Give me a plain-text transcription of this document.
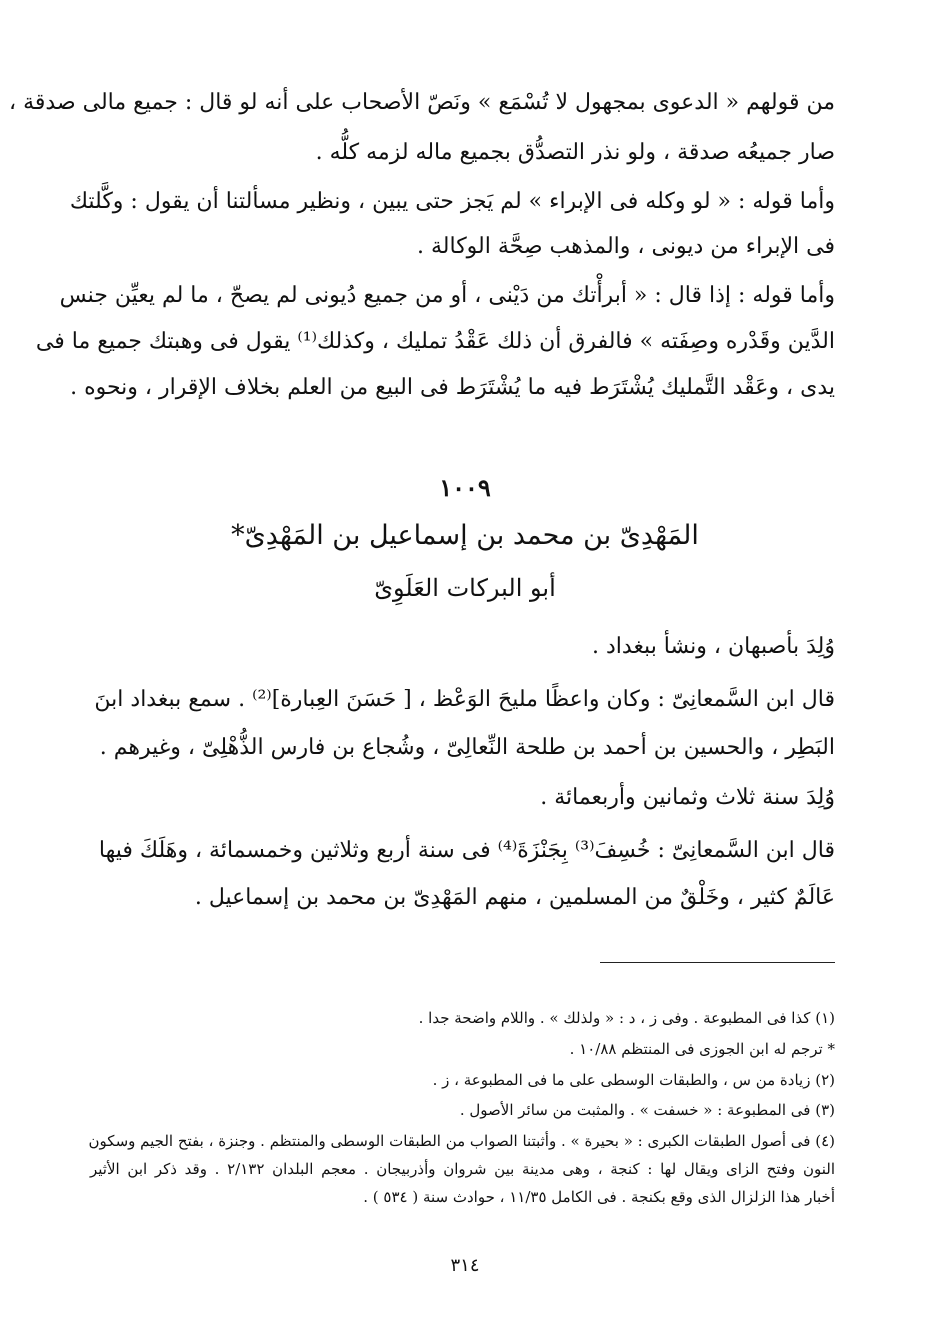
من قولهم « الدعوى بمجهول لا تُسْمَع » ونَصّ الأصحاب على أنه لو قال : جميع مالى صدقة ،
صار جميعُه صدقة ، ولو نذر التصدُّق بجميع ماله لزمه كلُّه .
وأما قوله : « لو وكله فى الإبراء » لم يَجز حتى يبين ، ونظير مسألتنا أن يقول : وكَّلتك
فى الإبراء من ديونى ، والمذهب صِحَّة الوكالة .
وأما قوله : إذا قال : « أبرأْتك من دَيْنى ، أو من جميع دُيونى لم يصحّ ، ما لم يعيِّن جنس
الدَّين وقَدْره وصِفَته » فالفرق أن ذلك عَقْدُ تمليك ، وكذلك⁽¹⁾ يقول فى وهبتك جميع ما فى
يدى ، وعَقْد التَّمليك يُشْتَرَط فيه ما يُشْتَرَط فى البيع من العلم بخلاف الإقرار ، ونحوه .
١٠٠٩
المَهْدِىّ بن محمد بن إسماعيل بن المَهْدِىّ*
أبو البركات العَلَوِىّ
وُلِدَ بأصبهان ، ونشأ ببغداد .
قال ابن السَّمعانِىّ : وكان واعظًا مليحَ الوَعْظ ، [ حَسَنَ العِبارة]⁽²⁾ . سمع ببغداد ابنَ
البَطِر ، والحسين بن أحمد بن طلحة النِّعالِىّ ، وشُجاع بن فارس الذُّهْلِىّ ، وغيرهم .
وُلِدَ سنة ثلاث وثمانين وأربعمائة .
قال ابن السَّمعانِىّ : خُسِفَ⁽³⁾ بِجَنْزَةَ⁽⁴⁾ فى سنة أربع وثلاثين وخمسمائة ، وهَلَكَ فيها
عَالَمٌ كثير ، وخَلْقٌ من المسلمين ، منهم المَهْدِىّ بن محمد بن إسماعيل .
(١) كذا فى المطبوعة . وفى ز ، د : « ولذلك » . واللام واضحة جدا .
* ترجم له ابن الجوزى فى المنتظم ١٠/٨٨ .
(٢) زيادة من س ، والطبقات الوسطى على ما فى المطبوعة ، ز .
(٣) فى المطبوعة : « خسفت » . والمثبت من سائر الأصول .
(٤) فى أصول الطبقات الكبرى : « بحيرة » . وأثبتنا الصواب من الطبقات الوسطى والمنتظم . وجنزة ، بفتح الجيم وسكون
النون وفتح الزاى ويقال لها : كنجة ، وهى مدينة بين شروان وأذربيجان . معجم البلدان ٢/١٣٢ . وقد ذكر ابن الأثير
أخبار هذا الزلزال الذى وقع بكنجة . فى الكامل ١١/٣٥ ، حوادث سنة ( ٥٣٤ ) .
٣١٤
